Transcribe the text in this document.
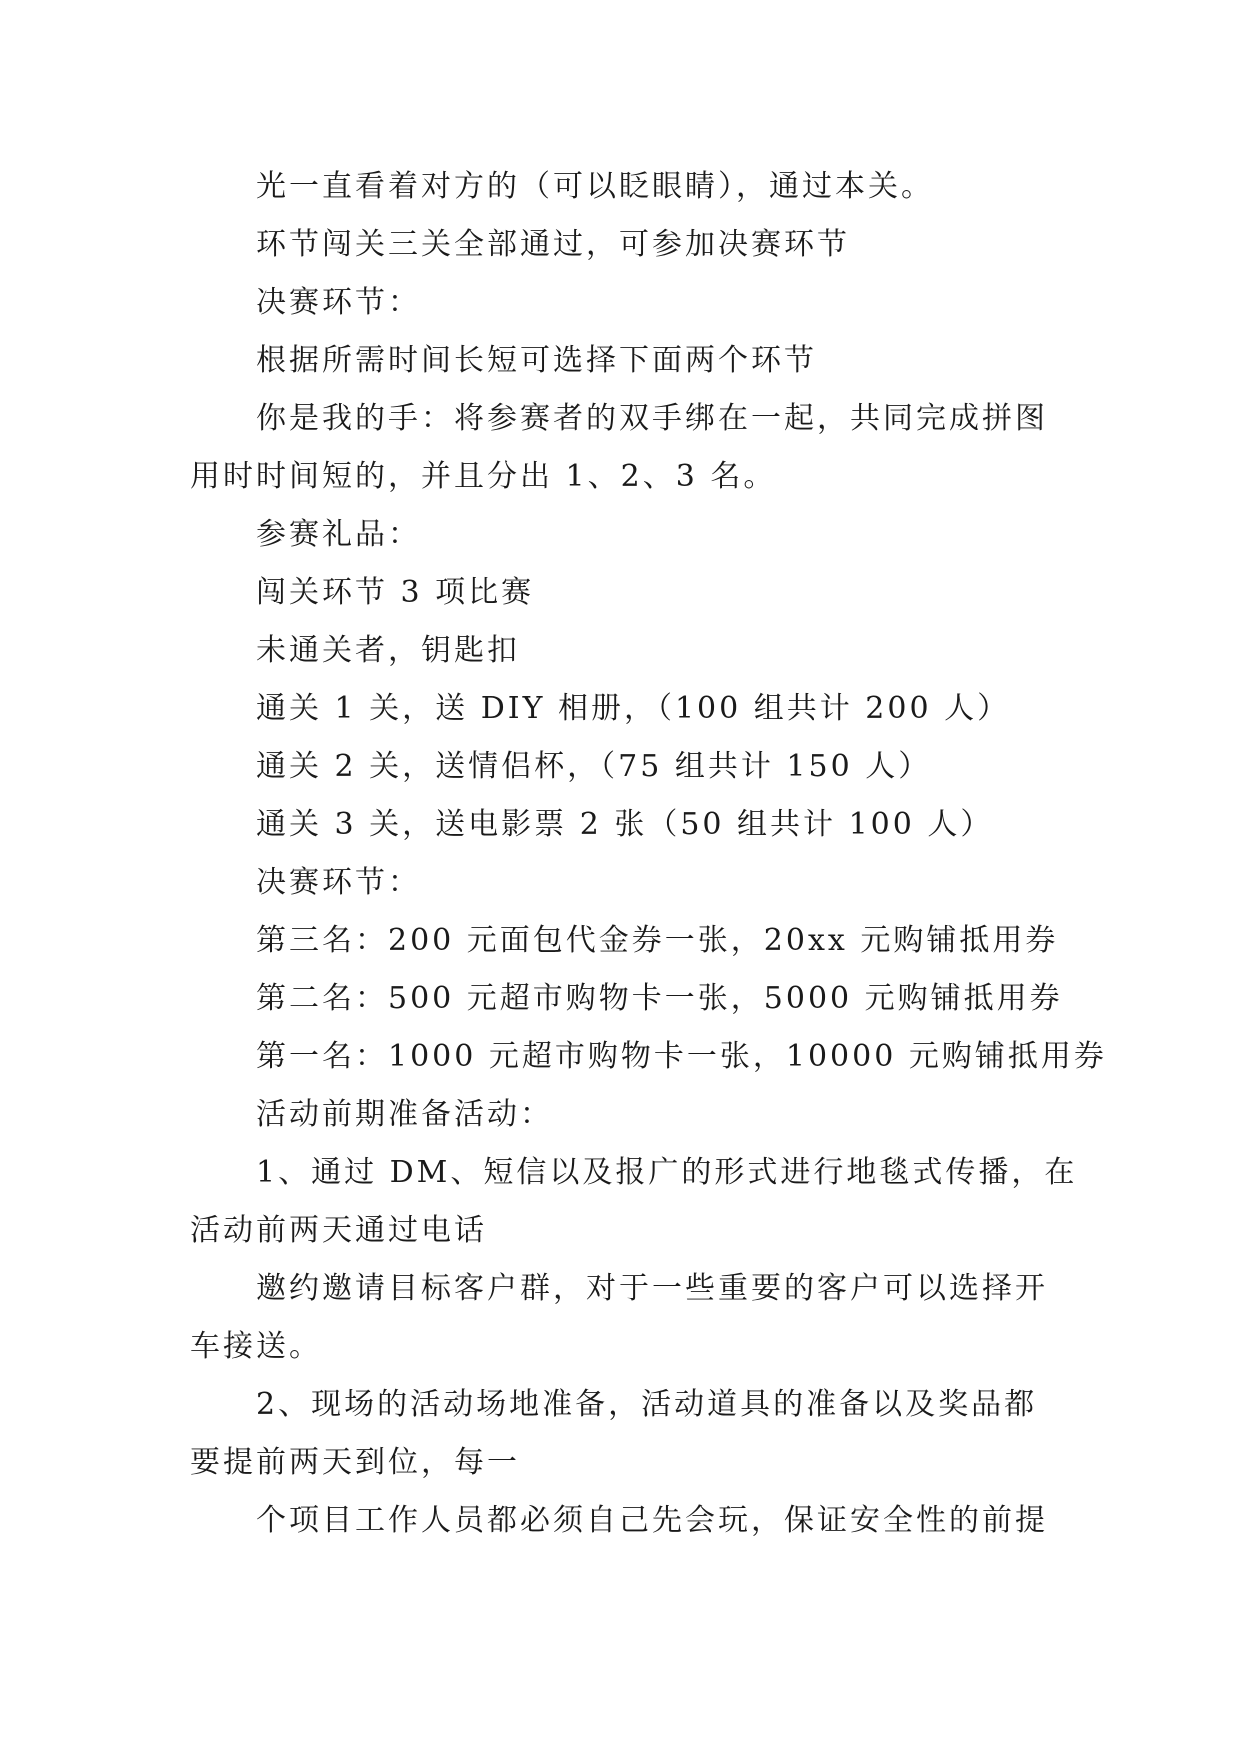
光一直看着对方的（可以眨眼睛），通过本关。

环节闯关三关全部通过，可参加决赛环节

决赛环节：

根据所需时间长短可选择下面两个环节

你是我的手：将参赛者的双手绑在一起，共同完成拼图
用时时间短的，并且分出 1、2、3 名。

参赛礼品：

闯关环节 3 项比赛

未通关者，钥匙扣

通关 1 关，送 DIY 相册，（100 组共计 200 人）

通关 2 关，送情侣杯，（75 组共计 150 人）

通关 3 关，送电影票 2 张（50 组共计 100 人）

决赛环节：

第三名：200 元面包代金券一张，20xx 元购铺抵用券

第二名：500 元超市购物卡一张，5000 元购铺抵用券

第一名：1000 元超市购物卡一张，10000 元购铺抵用券

活动前期准备活动：

1、通过 DM、短信以及报广的形式进行地毯式传播，在
活动前两天通过电话

邀约邀请目标客户群，对于一些重要的客户可以选择开
车接送。

2、现场的活动场地准备，活动道具的准备以及奖品都
要提前两天到位，每一

个项目工作人员都必须自己先会玩，保证安全性的前提
